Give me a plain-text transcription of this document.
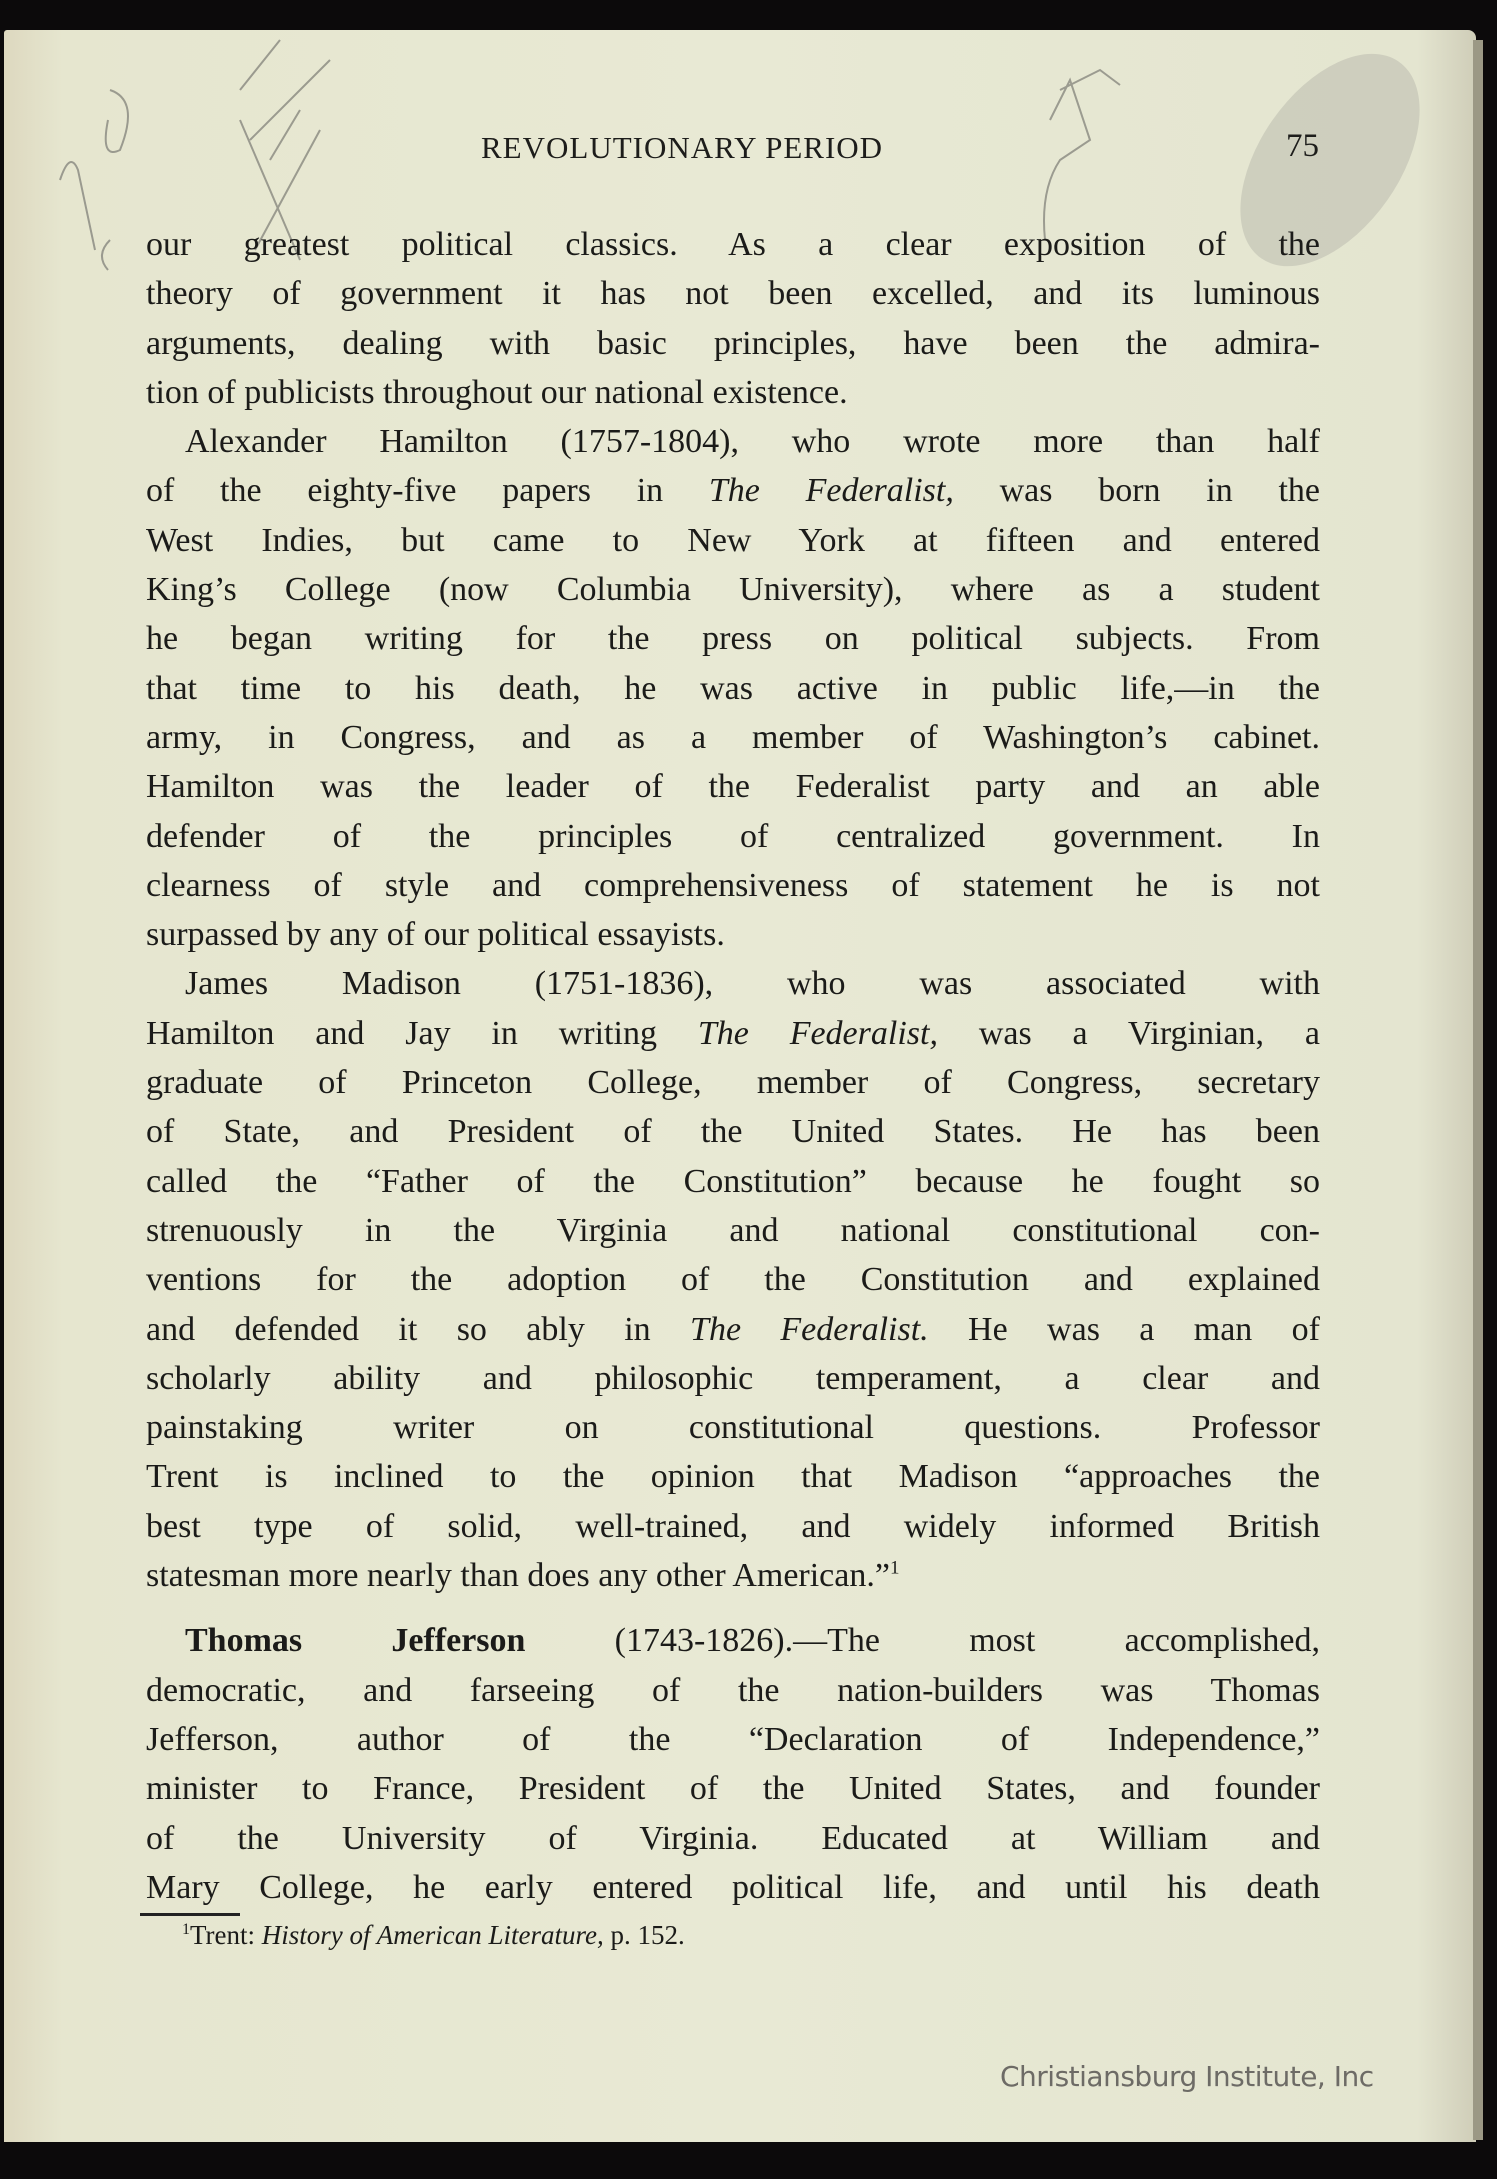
REVOLUTIONARY PERIOD	75
our greatest political classics. As a clear exposition of the
theory of government it has not been excelled, and its luminous
arguments, dealing with basic principles, have been the admira-
tion of publicists throughout our national existence.
Alexander Hamilton (1757-1804), who wrote more than half
of the eighty-five papers in The Federalist, was born in the
West Indies, but came to New York at fifteen and entered
King’s College (now Columbia University), where as a student
he began writing for the press on political subjects. From
that time to his death, he was active in public life,—in the
army, in Congress, and as a member of Washington’s cabinet.
Hamilton was the leader of the Federalist party and an able
defender of the principles of centralized government. In
clearness of style and comprehensiveness of statement he is not
surpassed by any of our political essayists.
James Madison (1751-1836), who was associated with
Hamilton and Jay in writing The Federalist, was a Virginian, a
graduate of Princeton College, member of Congress, secretary
of State, and President of the United States. He has been
called the “Father of the Constitution” because he fought so
strenuously in the Virginia and national constitutional con-
ventions for the adoption of the Constitution and explained
and defended it so ably in The Federalist. He was a man of
scholarly ability and philosophic temperament, a clear and
painstaking writer on constitutional questions. Professor
Trent is inclined to the opinion that Madison “approaches the
best type of solid, well-trained, and widely informed British
statesman more nearly than does any other American.”$^1$
Thomas Jefferson (1743-1826).—The most accomplished,
democratic, and farseeing of the nation-builders was Thomas
Jefferson, author of the “Declaration of Independence,”
minister to France, President of the United States, and founder
of the University of Virginia. Educated at William and
Mary College, he early entered political life, and until his death
$^1$Trent: History of American Literature, p. 152.
Christiansburg Institute, Inc
